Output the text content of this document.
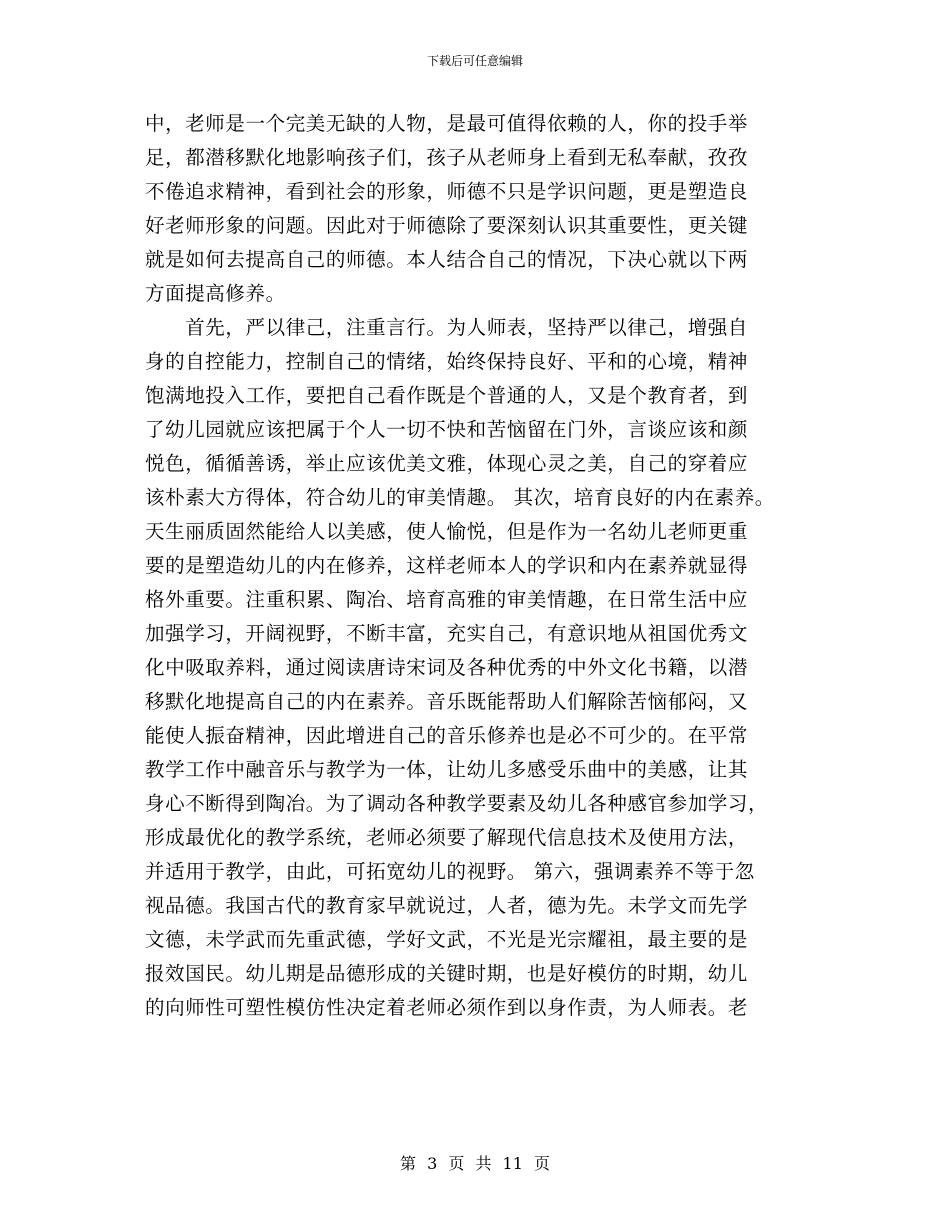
下载后可任意编辑
中，老师是一个完美无缺的人物，是最可值得依赖的人，你的投手举
足，都潜移默化地影响孩子们，孩子从老师身上看到无私奉献，孜孜
不倦追求精神，看到社会的形象，师德不只是学识问题，更是塑造良
好老师形象的问题。因此对于师德除了要深刻认识其重要性，更关键
就是如何去提高自己的师德。本人结合自己的情况，下决心就以下两
方面提高修养。
　　首先，严以律己，注重言行。为人师表，坚持严以律己，增强自
身的自控能力，控制自己的情绪，始终保持良好、平和的心境，精神
饱满地投入工作，要把自己看作既是个普通的人，又是个教育者，到
了幼儿园就应该把属于个人一切不快和苦恼留在门外，言谈应该和颜
悦色，循循善诱，举止应该优美文雅，体现心灵之美，自己的穿着应
该朴素大方得体，符合幼儿的审美情趣。 其次，培育良好的内在素养。
天生丽质固然能给人以美感，使人愉悦，但是作为一名幼儿老师更重
要的是塑造幼儿的内在修养，这样老师本人的学识和内在素养就显得
格外重要。注重积累、陶冶、培育高雅的审美情趣，在日常生活中应
加强学习，开阔视野，不断丰富，充实自己，有意识地从祖国优秀文
化中吸取养料，通过阅读唐诗宋词及各种优秀的中外文化书籍，以潜
移默化地提高自己的内在素养。音乐既能帮助人们解除苦恼郁闷，又
能使人振奋精神，因此增进自己的音乐修养也是必不可少的。在平常
教学工作中融音乐与教学为一体，让幼儿多感受乐曲中的美感，让其
身心不断得到陶冶。为了调动各种教学要素及幼儿各种感官参加学习，
形成最优化的教学系统，老师必须要了解现代信息技术及使用方法，
并适用于教学，由此，可拓宽幼儿的视野。 第六，强调素养不等于忽
视品德。我国古代的教育家早就说过，人者，德为先。未学文而先学
文德，未学武而先重武德，学好文武，不光是光宗耀祖，最主要的是
报效国民。幼儿期是品德形成的关键时期，也是好模仿的时期，幼儿
的向师性可塑性模仿性决定着老师必须作到以身作责，为人师表。老
第 3 页 共 11 页
